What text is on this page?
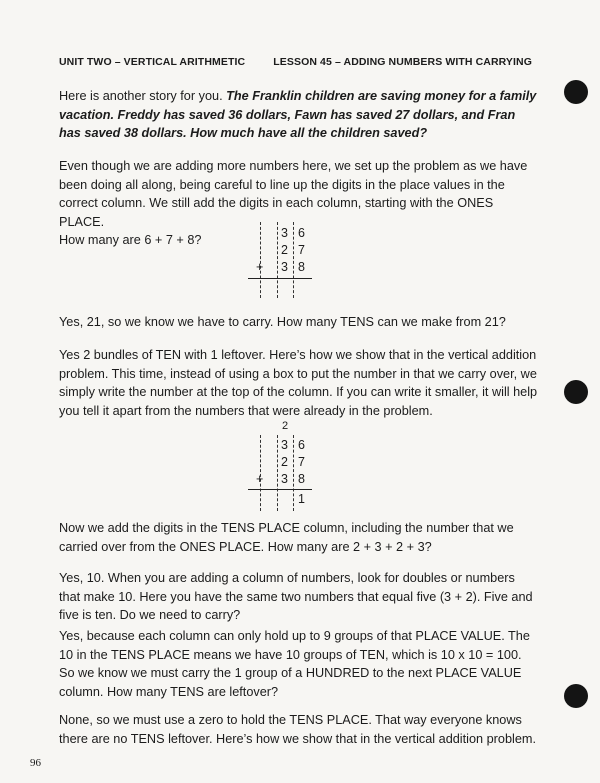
UNIT TWO – VERTICAL ARITHMETIC	LESSON 45 – ADDING NUMBERS WITH CARRYING

Here is another story for you. The Franklin children are saving money for a family vacation. Freddy has saved 36 dollars, Fawn has saved 27 dollars, and Fran has saved 38 dollars. How much have all the children saved?

Even though we are adding more numbers here, we set up the problem as we have been doing all along, being careful to line up the digits in the place values in the correct column. We still add the digits in each column, starting with the ONES PLACE.
How many are 6 + 7 + 8?

3 6
2 7
+ 3 8

Yes, 21, so we know we have to carry. How many TENS can we make from 21?

Yes 2 bundles of TEN with 1 leftover. Here’s how we show that in the vertical addition problem. This time, instead of using a box to put the number in that we carry over, we simply write the number at the top of the column. If you can write it smaller, it will help you tell it apart from the numbers that were already in the problem.

2
3 6
2 7
+ 3 8
1

Now we add the digits in the TENS PLACE column, including the number that we carried over from the ONES PLACE. How many are 2 + 3 + 2 + 3?

Yes, 10. When you are adding a column of numbers, look for doubles or numbers that make 10. Here you have the same two numbers that equal five (3 + 2). Five and five is ten. Do we need to carry?

Yes, because each column can only hold up to 9 groups of that PLACE VALUE. The 10 in the TENS PLACE means we have 10 groups of TEN, which is 10 x 10 = 100. So we know we must carry the 1 group of a HUNDRED to the next PLACE VALUE column. How many TENS are leftover?

None, so we must use a zero to hold the TENS PLACE. That way everyone knows there are no TENS leftover. Here’s how we show that in the vertical addition problem.

96
